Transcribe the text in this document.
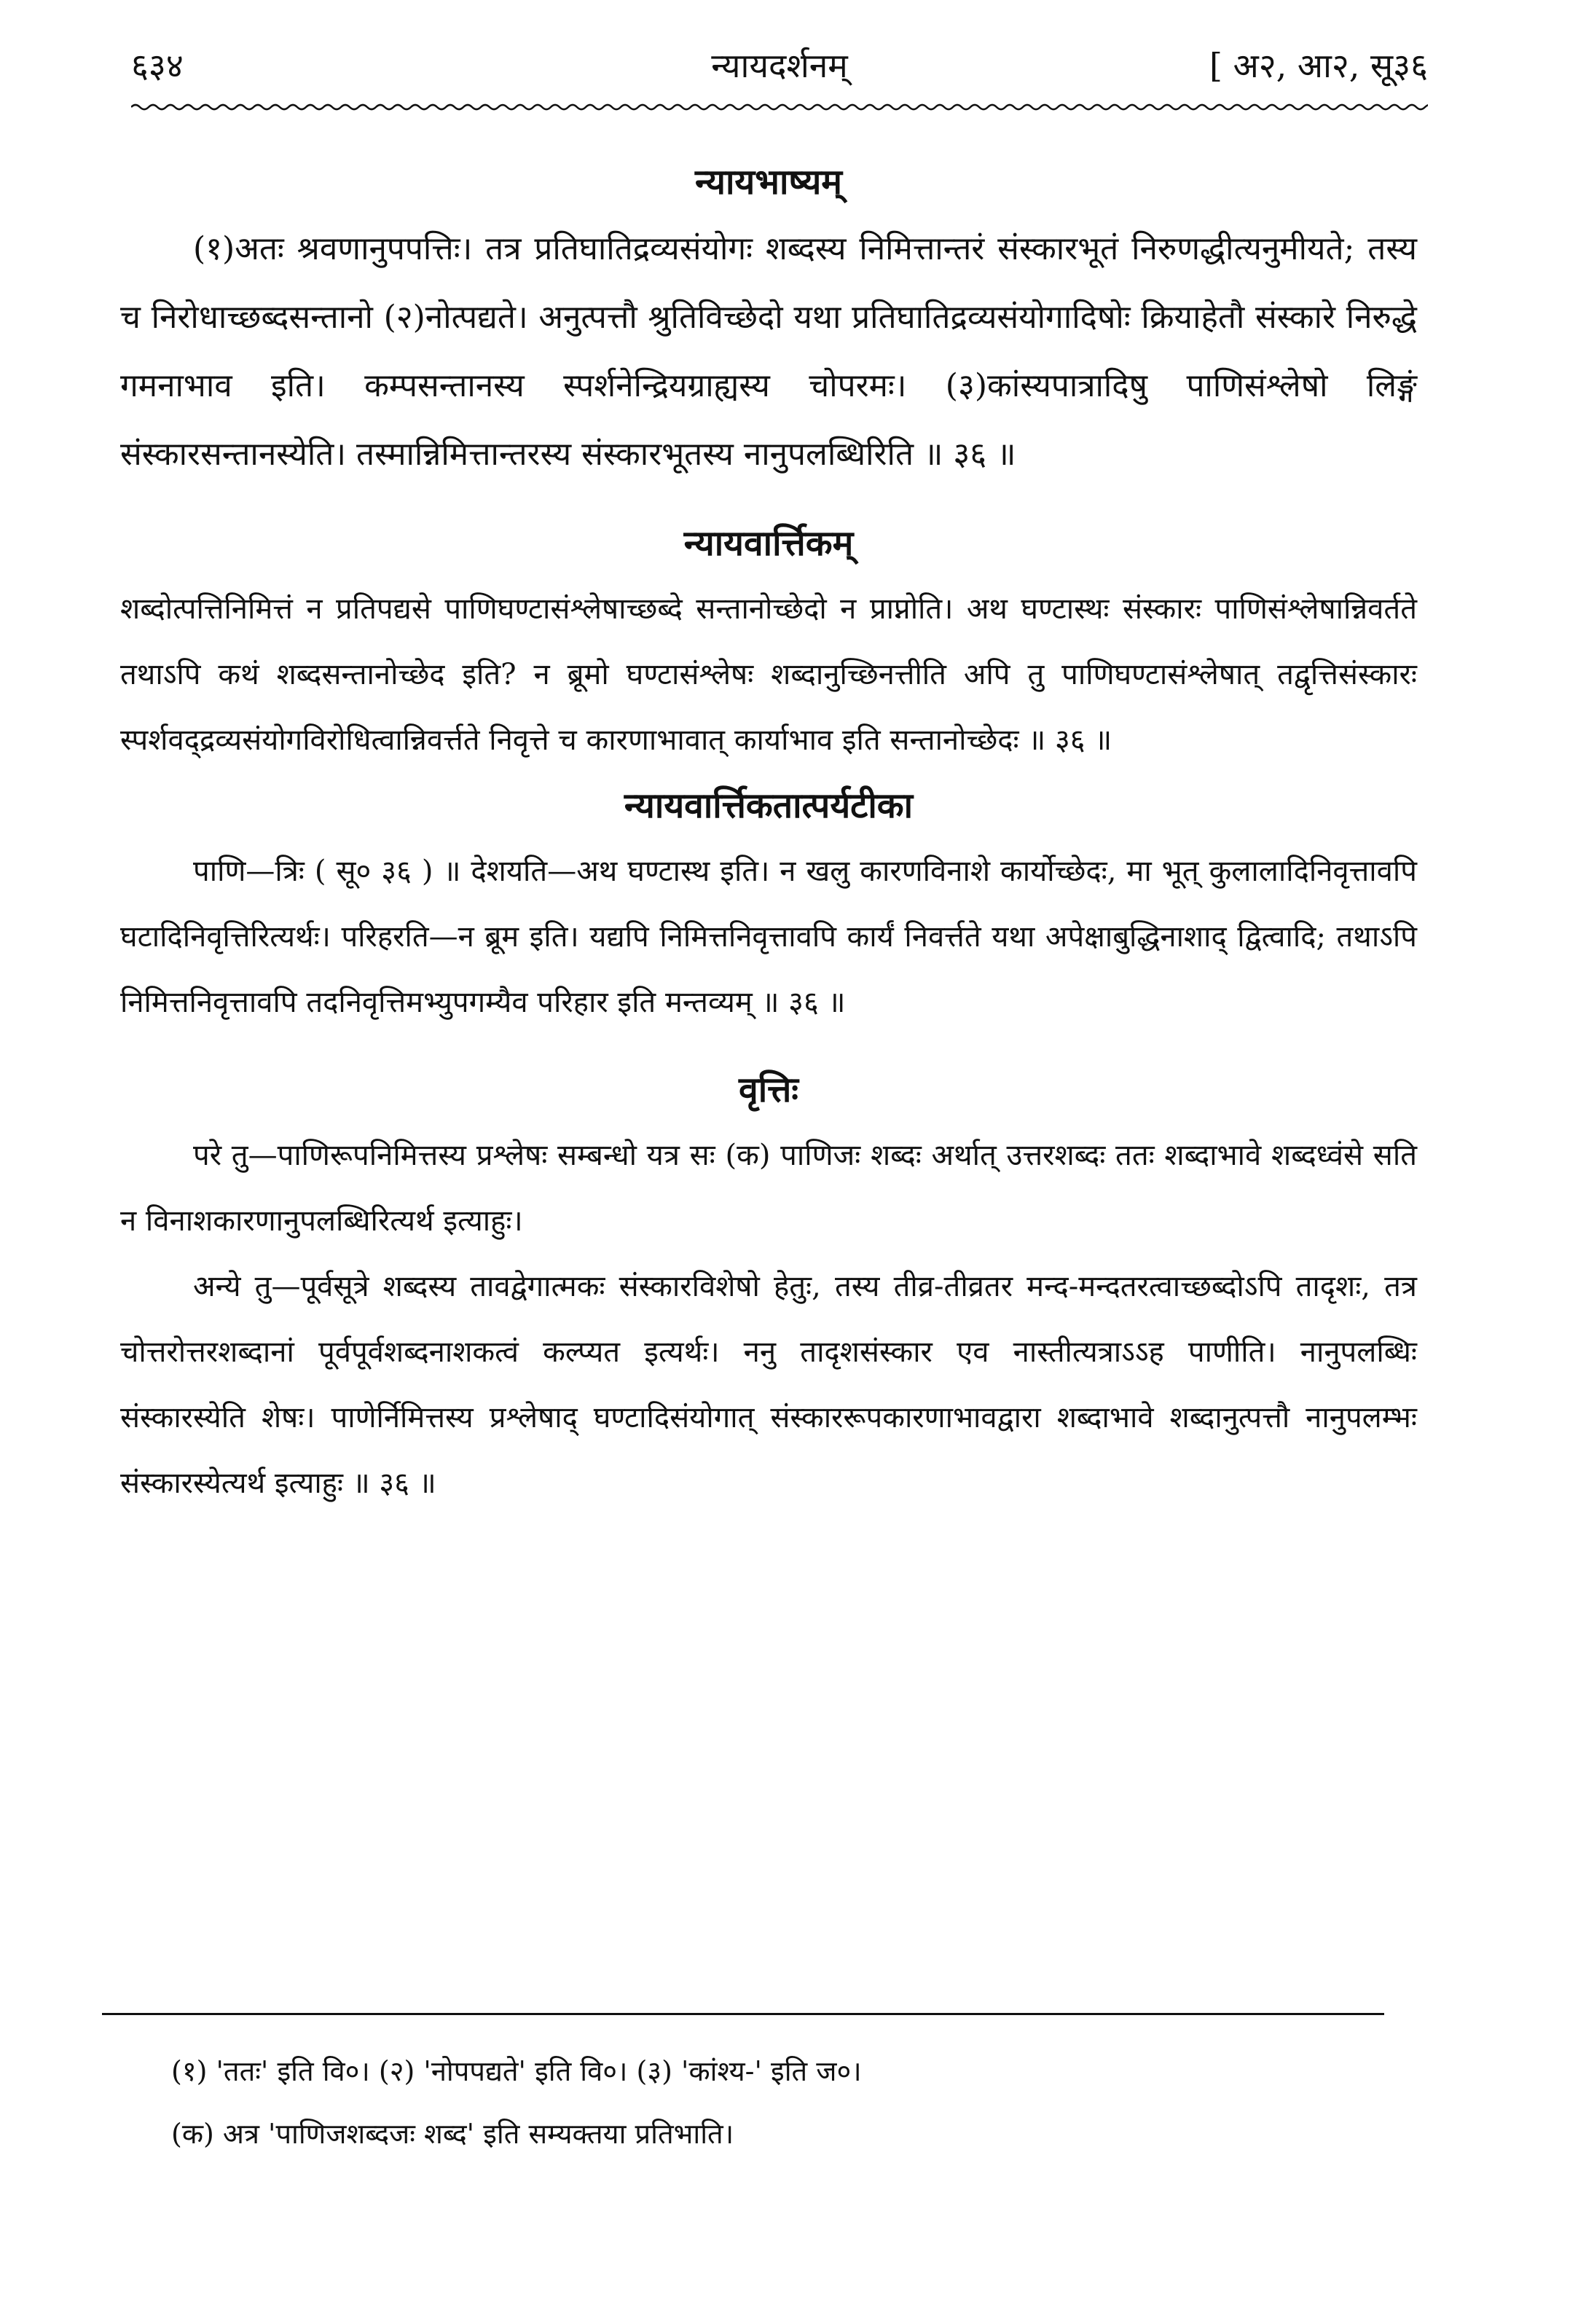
६३४	न्यायदर्शनम्	[ अ२, आ२, सू३६
न्यायभाष्यम्

(१)अतः श्रवणानुपपत्तिः। तत्र प्रतिघातिद्रव्यसंयोगः शब्दस्य निमित्तान्तरं संस्कारभूतं निरुणद्धीत्यनुमीयते; तस्य च निरोधाच्छब्दसन्तानो (२)नोत्पद्यते। अनुत्पत्तौ श्रुतिविच्छेदो यथा प्रतिघातिद्रव्यसंयोगादिषोः क्रियाहेतौ संस्कारे निरुद्धे गमनाभाव इति। कम्पसन्तानस्य स्पर्शनेन्द्रियग्राह्यस्य चोपरमः। (३)कांस्यपात्रादिषु पाणिसंश्लेषो लिङ्गं संस्कारसन्तानस्येति। तस्मान्निमित्तान्तरस्य संस्कारभूतस्य नानुपलब्धिरिति ॥ ३६ ॥

न्यायवार्त्तिकम्

शब्दोत्पत्तिनिमित्तं न प्रतिपद्यसे पाणिघण्टासंश्लेषाच्छब्दे सन्तानोच्छेदो न प्राप्नोति। अथ घण्टास्थः संस्कारः पाणिसंश्लेषान्निवर्तते तथाऽपि कथं शब्दसन्तानोच्छेद इति? न ब्रूमो घण्टासंश्लेषः शब्दानुच्छिनत्तीति अपि तु पाणिघण्टासंश्लेषात् तद्वृत्तिसंस्कारः स्पर्शवद्द्रव्यसंयोगविरोधित्वान्निवर्त्तते निवृत्ते च कारणाभावात् कार्याभाव इति सन्तानोच्छेदः ॥ ३६ ॥

न्यायवार्त्तिकतात्पर्यटीका

पाणि—त्रिः ( सू० ३६ ) ॥ देशयति—अथ घण्टास्थ इति। न खलु कारणविनाशे कार्योच्छेदः, मा भूत् कुलालादिनिवृत्तावपि घटादिनिवृत्तिरित्यर्थः। परिहरति—न ब्रूम इति। यद्यपि निमित्तनिवृत्तावपि कार्यं निवर्त्तते यथा अपेक्षाबुद्धिनाशाद् द्वित्वादि; तथाऽपि निमित्तनिवृत्तावपि तदनिवृत्तिमभ्युपगम्यैव परिहार इति मन्तव्यम् ॥ ३६ ॥

वृत्तिः

परे तु—पाणिरूपनिमित्तस्य प्रश्लेषः सम्बन्धो यत्र सः (क) पाणिजः शब्दः अर्थात् उत्तरशब्दः ततः शब्दाभावे शब्दध्वंसे सति न विनाशकारणानुपलब्धिरित्यर्थ इत्याहुः।

अन्ये तु—पूर्वसूत्रे शब्दस्य तावद्वेगात्मकः संस्कारविशेषो हेतुः, तस्य तीव्र-तीव्रतर मन्द-मन्दतरत्वाच्छब्दोऽपि तादृशः, तत्र चोत्तरोत्तरशब्दानां पूर्वपूर्वशब्दनाशकत्वं कल्प्यत इत्यर्थः। ननु तादृशसंस्कार एव नास्तीत्यत्राऽऽह पाणीति। नानुपलब्धिः संस्कारस्येति शेषः। पाणेर्निमित्तस्य प्रश्लेषाद् घण्टादिसंयोगात् संस्काररूपकारणाभावद्वारा शब्दाभावे शब्दानुत्पत्तौ नानुपलम्भः संस्कारस्येत्यर्थ इत्याहुः ॥ ३६ ॥

(१) 'ततः' इति वि०। (२) 'नोपपद्यते' इति वि०। (३) 'कांश्य-' इति ज०।

(क) अत्र 'पाणिजशब्दजः शब्द' इति सम्यक्तया प्रतिभाति।
